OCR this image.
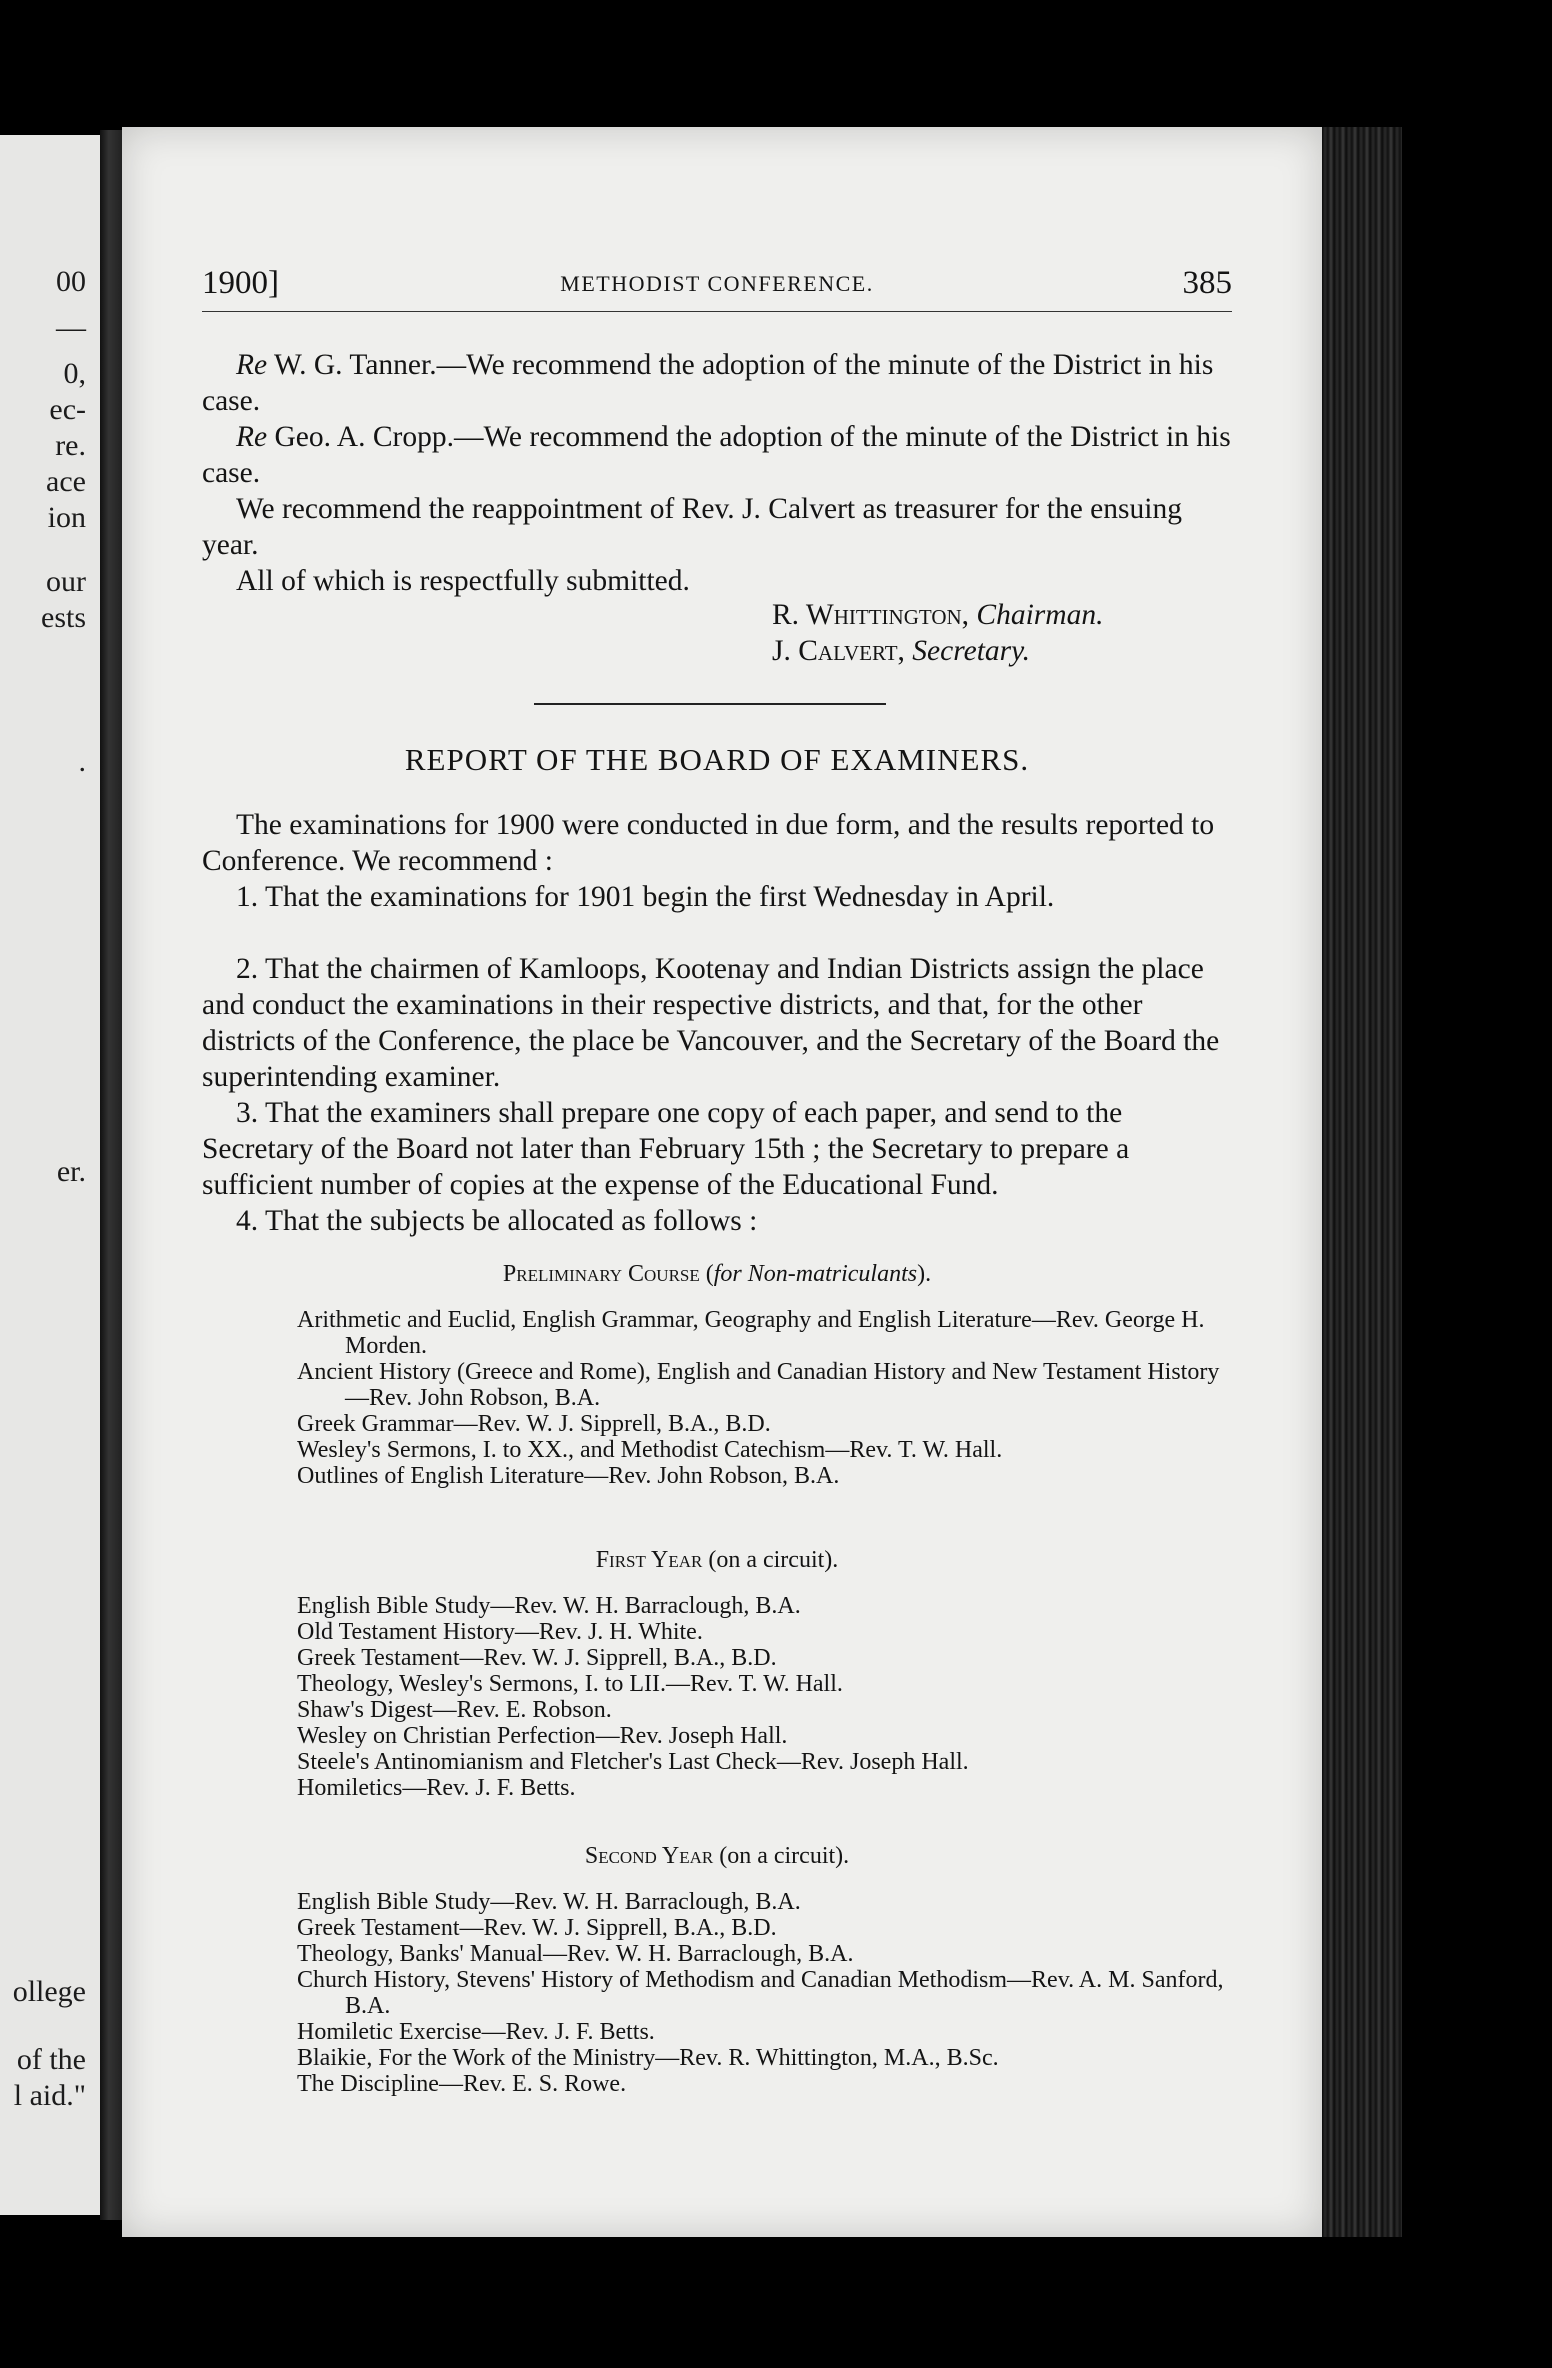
00
—
0,
ec-
re.
ace
ion
our
ests
.
er.
ollege
of the
l aid."
1900]	METHODIST CONFERENCE.	385

Re W. G. Tanner.—We recommend the adoption of the minute of the District in his case.

Re Geo. A. Cropp.—We recommend the adoption of the minute of the District in his case.

We recommend the reappointment of Rev. J. Calvert as treasurer for the ensuing year.

All of which is respectfully submitted.

R. Whittington, Chairman.
J. Calvert, Secretary.
REPORT OF THE BOARD OF EXAMINERS.

The examinations for 1900 were conducted in due form, and the results reported to Conference. We recommend :

1. That the examinations for 1901 begin the first Wednesday in April.

2. That the chairmen of Kamloops, Kootenay and Indian Districts assign the place and conduct the examinations in their respective districts, and that, for the other districts of the Conference, the place be Vancouver, and the Secretary of the Board the superintending examiner.

3. That the examiners shall prepare one copy of each paper, and send to the Secretary of the Board not later than February 15th ; the Secretary to prepare a sufficient number of copies at the expense of the Educational Fund.

4. That the subjects be allocated as follows :

Preliminary Course (for Non-matriculants).
Arithmetic and Euclid, English Grammar, Geography and English Literature—Rev. George H. Morden.
Ancient History (Greece and Rome), English and Canadian History and New Testament History—Rev. John Robson, B.A.
Greek Grammar—Rev. W. J. Sipprell, B.A., B.D.
Wesley's Sermons, I. to XX., and Methodist Catechism—Rev. T. W. Hall.
Outlines of English Literature—Rev. John Robson, B.A.
First Year (on a circuit).
English Bible Study—Rev. W. H. Barraclough, B.A.
Old Testament History—Rev. J. H. White.
Greek Testament—Rev. W. J. Sipprell, B.A., B.D.
Theology, Wesley's Sermons, I. to LII.—Rev. T. W. Hall.
Shaw's Digest—Rev. E. Robson.
Wesley on Christian Perfection—Rev. Joseph Hall.
Steele's Antinomianism and Fletcher's Last Check—Rev. Joseph Hall.
Homiletics—Rev. J. F. Betts.
Second Year (on a circuit).
English Bible Study—Rev. W. H. Barraclough, B.A.
Greek Testament—Rev. W. J. Sipprell, B.A., B.D.
Theology, Banks' Manual—Rev. W. H. Barraclough, B.A.
Church History, Stevens' History of Methodism and Canadian Methodism—Rev. A. M. Sanford, B.A.
Homiletic Exercise—Rev. J. F. Betts.
Blaikie, For the Work of the Ministry—Rev. R. Whittington, M.A., B.Sc.
The Discipline—Rev. E. S. Rowe.
